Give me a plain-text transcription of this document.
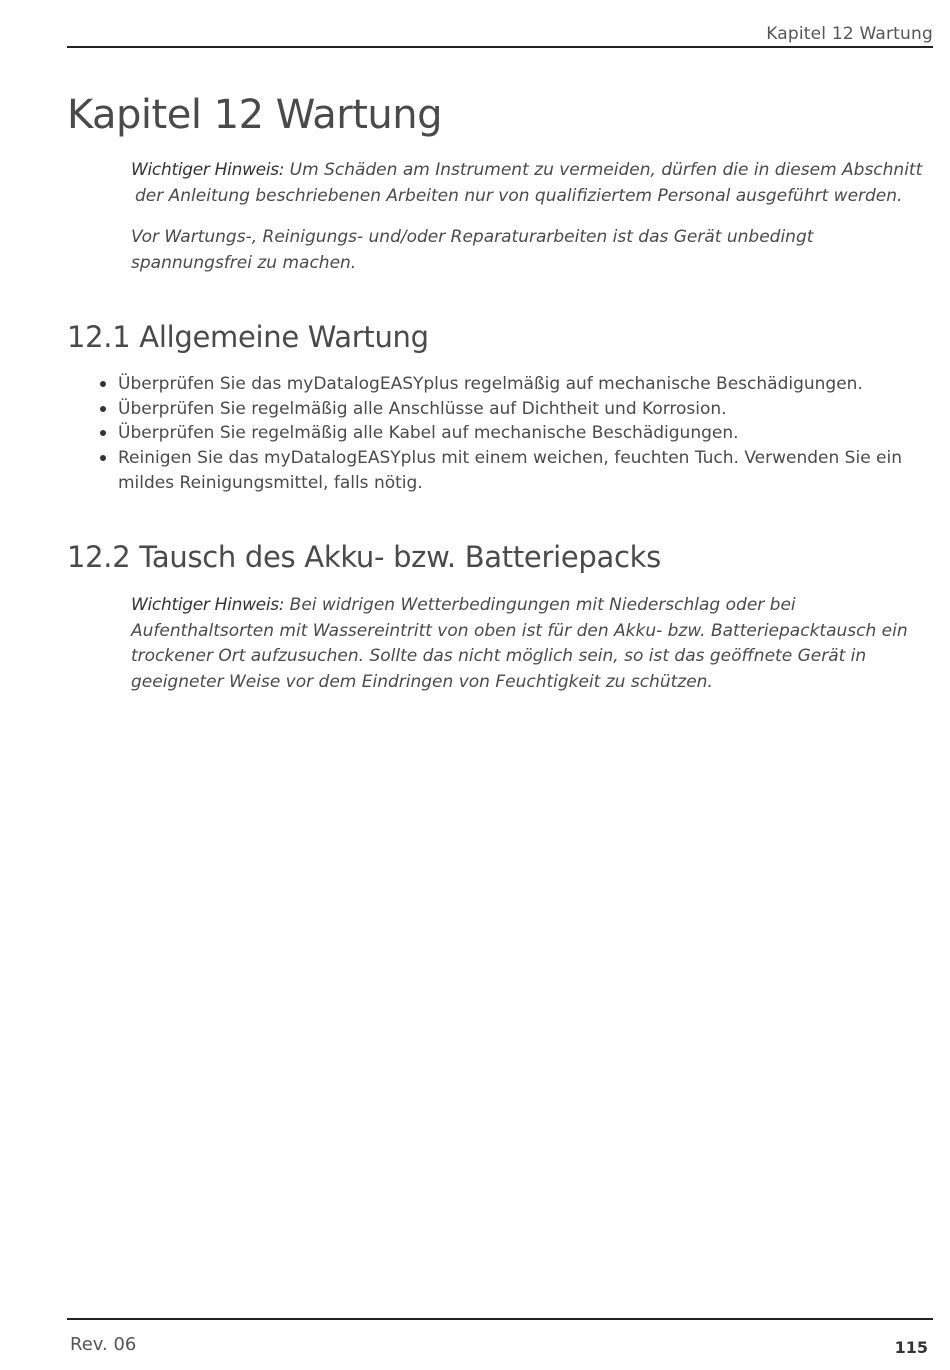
Kapitel 12 Wartung
Kapitel 12 Wartung

Wichtiger Hinweis: Um Schäden am Instrument zu vermeiden, dürfen die in diesem Abschnitt
der Anleitung beschriebenen Arbeiten nur von qualifiziertem Personal ausgeführt werden.

Vor Wartungs-, Reinigungs- und/oder Reparaturarbeiten ist das Gerät unbedingt
spannungsfrei zu machen.

12.1 Allgemeine Wartung
Überprüfen Sie das myDatalogEASYplus regelmäßig auf mechanische Beschädigungen.
Überprüfen Sie regelmäßig alle Anschlüsse auf Dichtheit und Korrosion.
Überprüfen Sie regelmäßig alle Kabel auf mechanische Beschädigungen.
Reinigen Sie das myDatalogEASYplus mit einem weichen, feuchten Tuch. Verwenden Sie ein mildes Reinigungsmittel, falls nötig.
12.2 Tausch des Akku- bzw. Batteriepacks

Wichtiger Hinweis: Bei widrigen Wetterbedingungen mit Niederschlag oder bei Aufenthaltsorten mit Wassereintritt von oben ist für den Akku- bzw. Batteriepacktausch ein trockener Ort aufzusuchen. Sollte das nicht möglich sein, so ist das geöffnete Gerät in geeigneter Weise vor dem Eindringen von Feuchtigkeit zu schützen.

Rev. 06	115
